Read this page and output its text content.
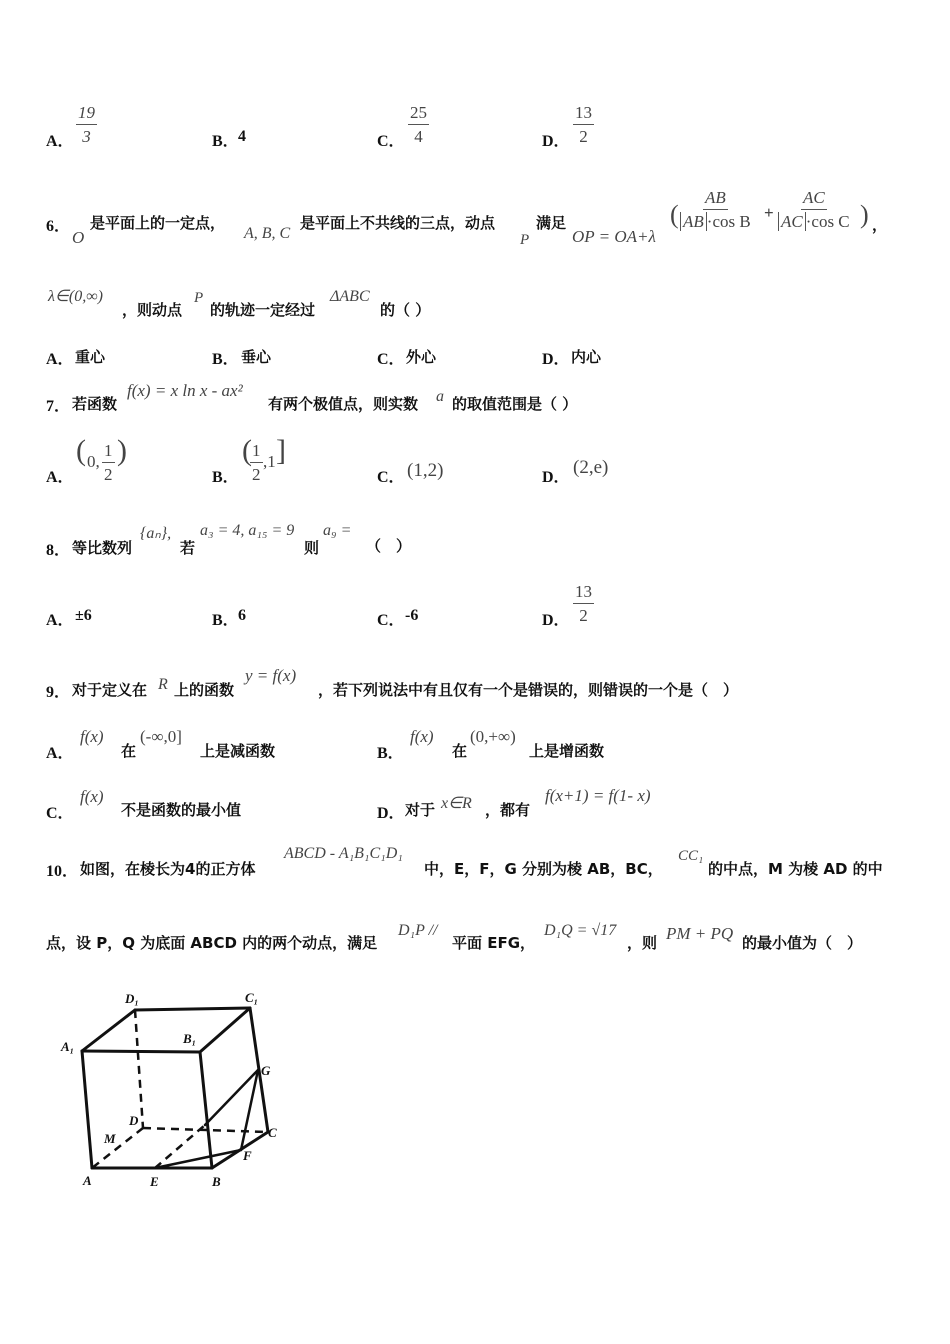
A． $\frac{19}{3}$	B． 4	C． $\frac{25}{4}$	D． $\frac{13}{2}$
6．
O
是平面上的一定点，
A, B, C
是平面上不共线的三点，动点
P
满足
OP = OA+λ
( $\frac{AB}{\text{AB ·cos B}} + \frac{AC}{\text{AC ·cos C}}$ ) ，
λ∈(0,∞)
，则动点
P
的轨迹一定经过
ΔABC
的（ ）
A． 重心	B． 垂心	C． 外心	D． 内心
7． 若函数
f(x) = x ln x - ax²
有两个极值点，则实数 a 的取值范围是（ ）
A．
( 0, $\frac{1}{2}$ )
B．
(
$\frac{1}{2} ,1$ ]
C． (1,2)	D． (2,e)
8． 等比数列
{aₙ},
若
a₃ = 4, a₁₅ = 9
则
a₉ =
（　）
A． ±6	B． 6	C． -6	D． $\frac{13}{2}$
9． 对于定义在 R 上的函数
y = f(x)
，若下列说法中有且仅有一个是错误的，则错误的一个是（　）
A．
f(x)
在
(-∞,0]
上是减函数	B．
f(x)
在
(0,+∞)
上是增函数
C．
f(x)
不是函数的最小值	D． 对于 x∈R ，都有
f(x+1) = f(1- x)
10． 如图，在棱长为4的正方体
ABCD - A₁B₁C₁D₁
中，E，F，G 分别为棱 AB，BC，
CC₁
的中点，M 为棱 AD 的中
点，设 P，Q 为底面 ABCD 内的两个动点，满足
D₁P //
平面 EFG，
D₁Q = √17
，则 PM + PQ 的最小值为（　）
D₁	C₁
A₁
B₁
G
D
C
M
F
A	E	B
